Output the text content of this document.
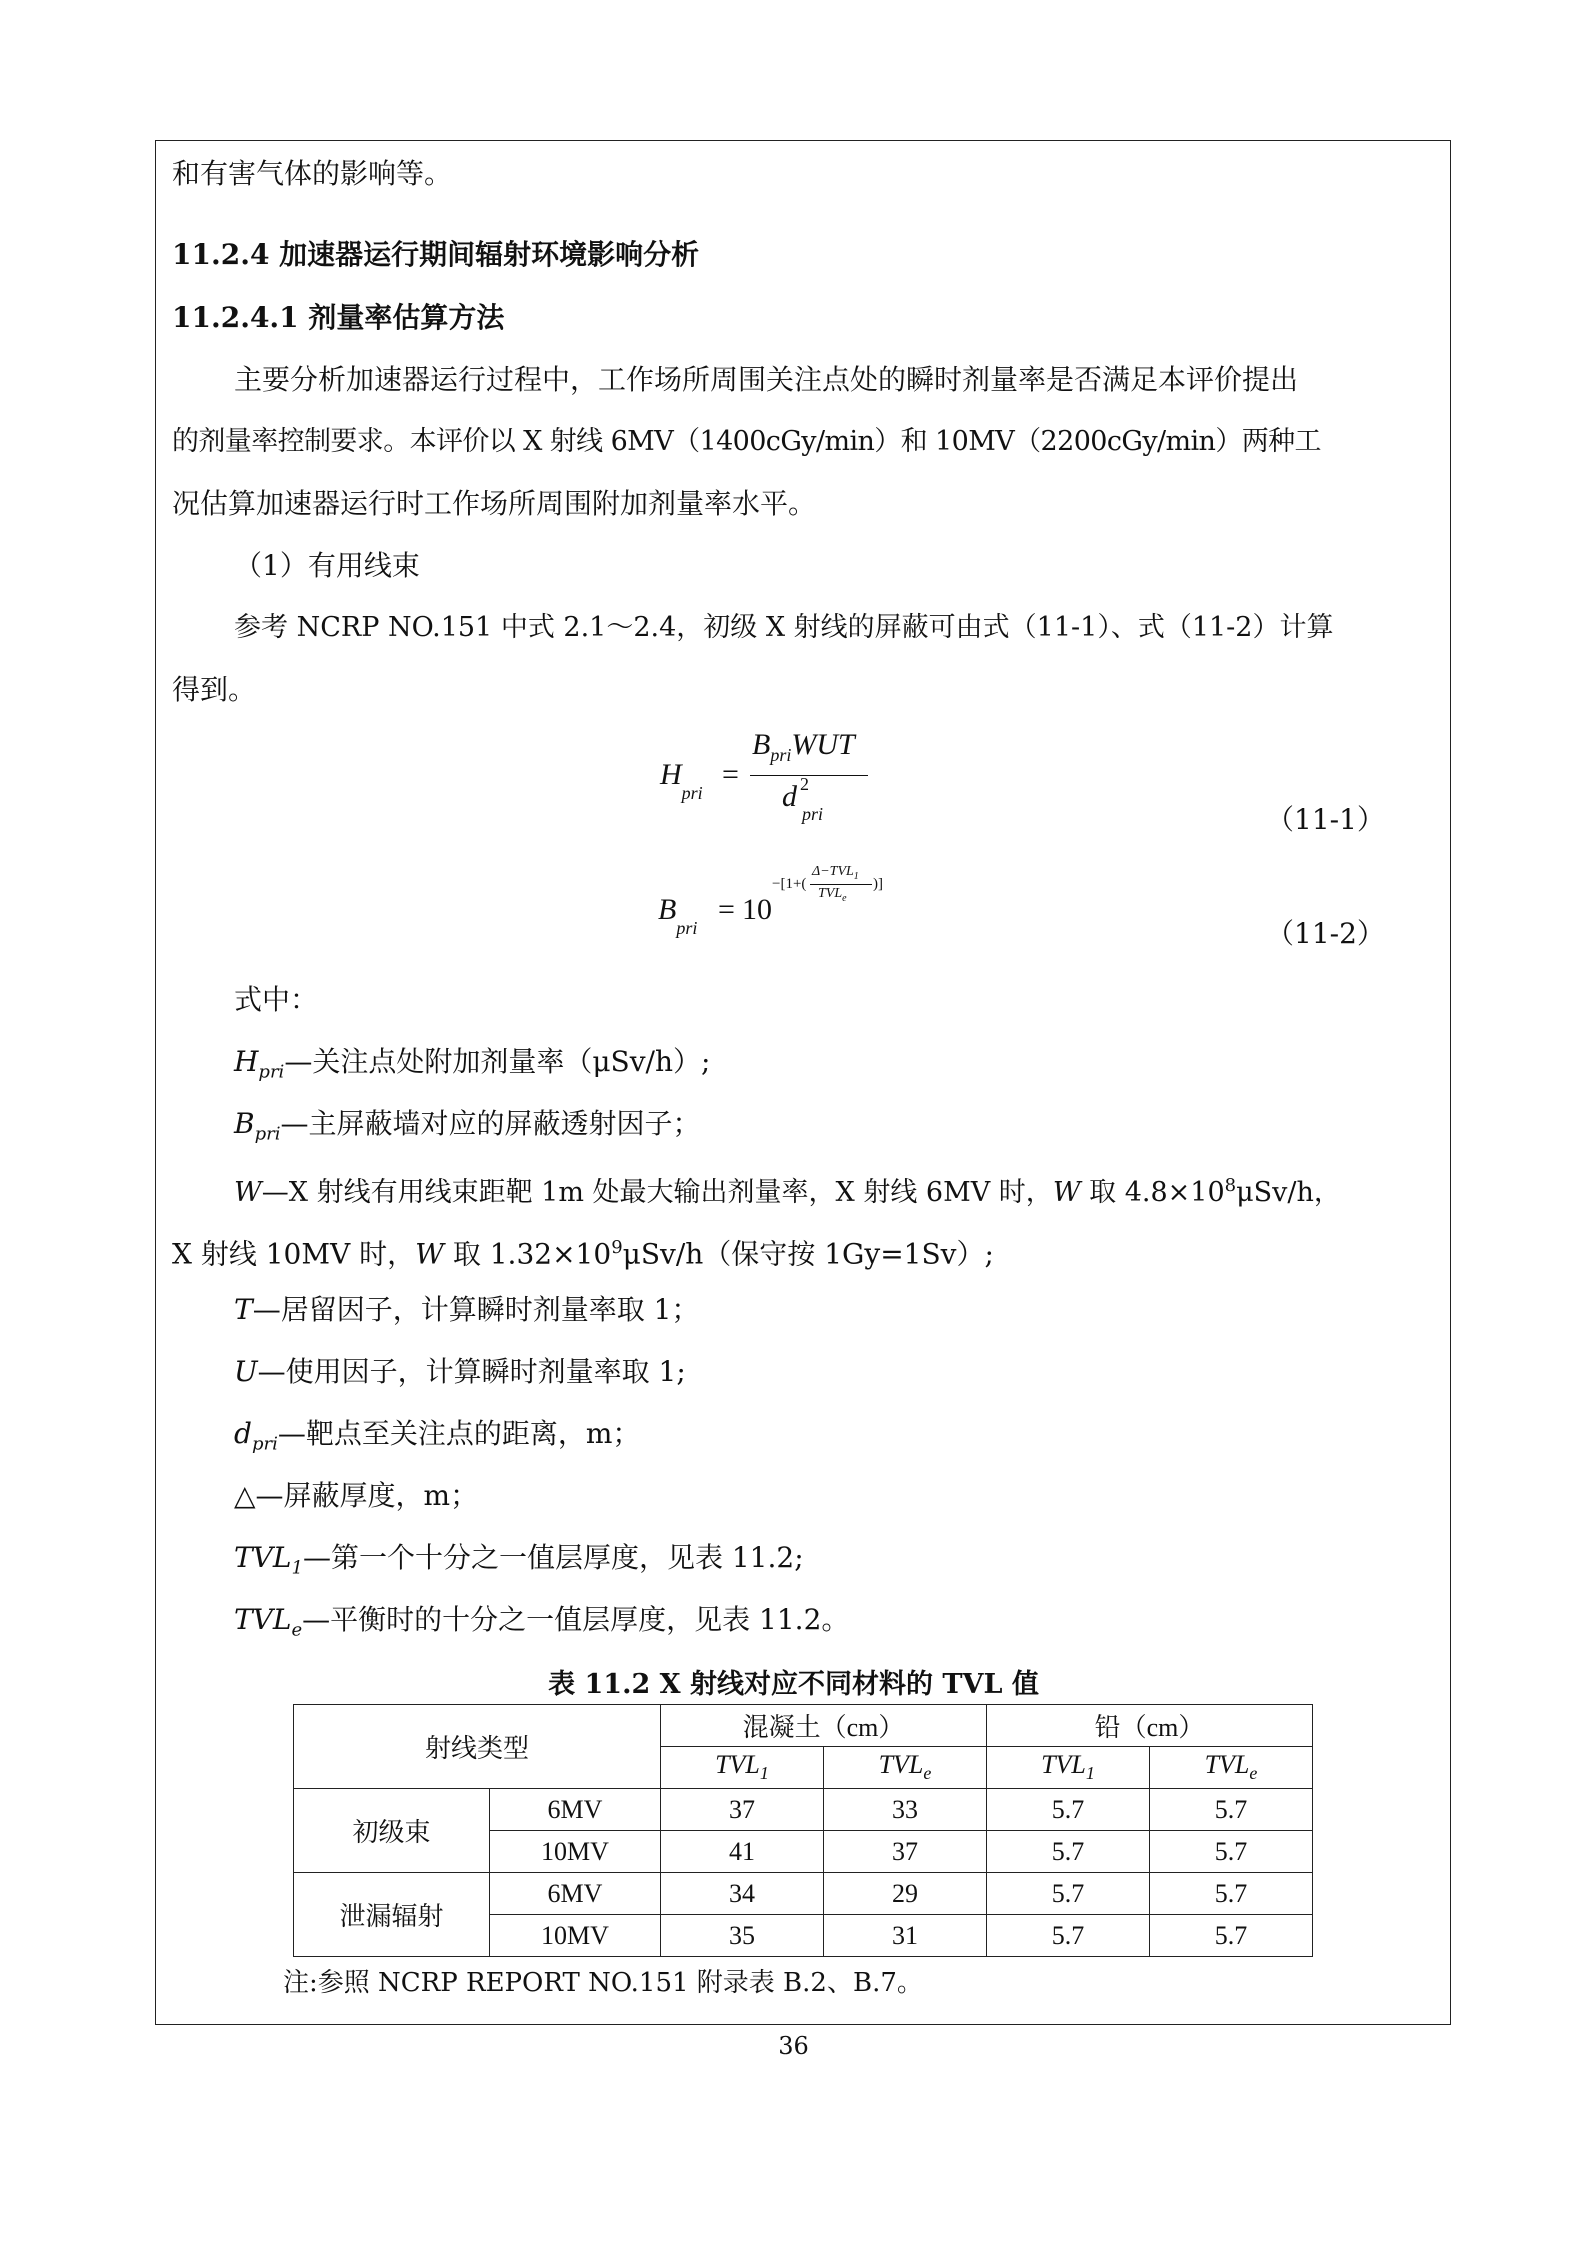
和有害气体的影响等。
11.2.4 加速器运行期间辐射环境影响分析
11.2.4.1 剂量率估算方法
主要分析加速器运行过程中，工作场所周围关注点处的瞬时剂量率是否满足本评价提出
的剂量率控制要求。本评价以 X 射线 6MV（1400cGy/min）和 10MV（2200cGy/min）两种工
况估算加速器运行时工作场所周围附加剂量率水平。
（1）有用线束
参考 NCRP NO.151 中式 2.1～2.4，初级 X 射线的屏蔽可由式（11-1）、式（11-2）计算
得到。
$H_{pri}$
=
$B_{pri}WUT$
d 2
pri	（11-1）
$B_{pri}$
= 10
−[1+(
$\Delta-TVL_1$
$TVL_e$
)]
（11-2）
式中：
$H_{pri}—$关注点处附加剂量率（μSv/h）;
$B_{pri}—$主屏蔽墙对应的屏蔽透射因子；
W—X 射线有用线束距靶 1m 处最大输出剂量率，X 射线 6MV 时，W 取 $4.8\times 10^8\mu Sv/h$，
X 射线 10MV 时，W 取 $1.32\times 10^9\mu Sv/h$（保守按 1Gy=1Sv）;
T—居留因子，计算瞬时剂量率取 1；
U—使用因子，计算瞬时剂量率取 1;
$d_{pri}—$靶点至关注点的距离，m；
△—屏蔽厚度，m；
$TVL_1—$第一个十分之一值层厚度，见表 11.2;
$TVL_e—$平衡时的十分之一值层厚度，见表 11.2。
表 11.2 X 射线对应不同材料的 TVL 值
射线类型		混凝土（cm）		铅（cm）	
		$TVL_1$	$TVL_e$	$TVL_1$	$TVL_e$
初级束	6MV	37	33	5.7	5.7
	10MV	41	37	5.7	5.7
泄漏辐射	6MV	34	29	5.7	5.7
	10MV	35	31	5.7	5.7
注:参照 NCRP REPORT NO.151 附录表 B.2、B.7。
36
